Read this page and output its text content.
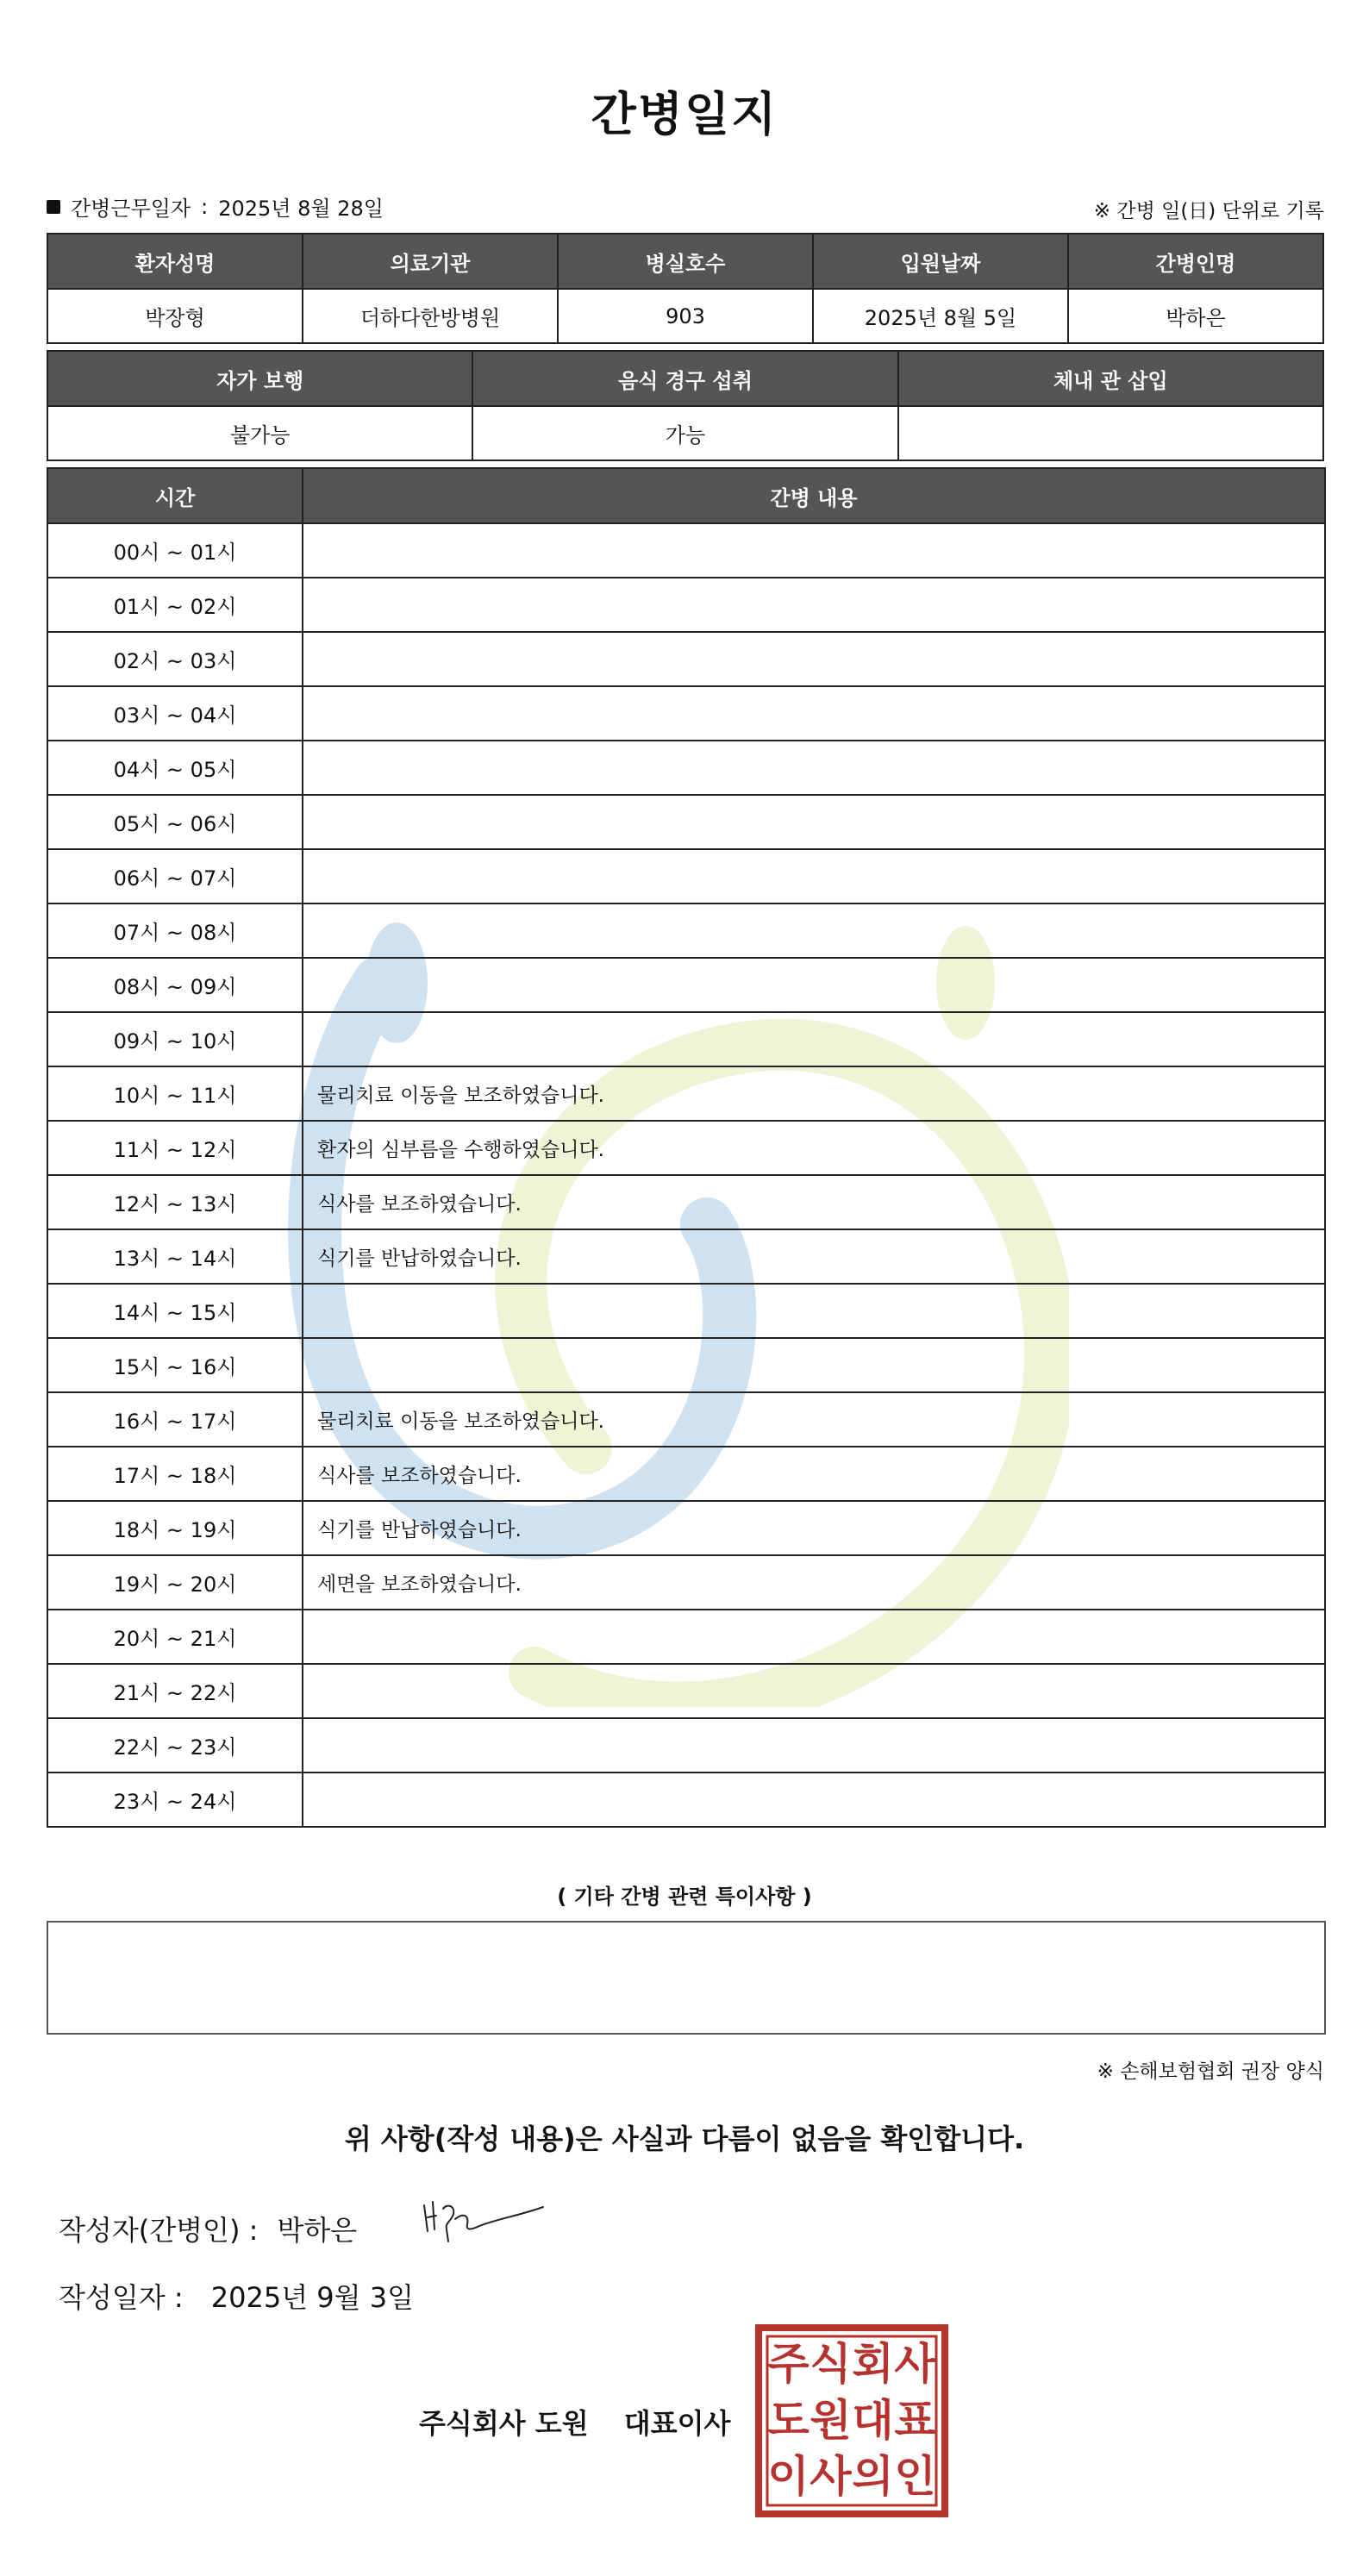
간병일지
간병근무일자 : 2025년 8월 28일	※ 간병 일(日) 단위로 기록
환자성명	의료기관	병실호수	입원날짜	간병인명
박장형	더하다한방병원	903	2025년 8월 5일	박하은
자가 보행	음식 경구 섭취	체내 관 삽입
불가능	가능	
시간	간병 내용
00시 ~ 01시	
01시 ~ 02시	
02시 ~ 03시	
03시 ~ 04시	
04시 ~ 05시	
05시 ~ 06시	
06시 ~ 07시	
07시 ~ 08시	
08시 ~ 09시	
09시 ~ 10시	
10시 ~ 11시	물리치료 이동을 보조하였습니다.
11시 ~ 12시	환자의 심부름을 수행하였습니다.
12시 ~ 13시	식사를 보조하였습니다.
13시 ~ 14시	식기를 반납하였습니다.
14시 ~ 15시	
15시 ~ 16시	
16시 ~ 17시	물리치료 이동을 보조하였습니다.
17시 ~ 18시	식사를 보조하였습니다.
18시 ~ 19시	식기를 반납하였습니다.
19시 ~ 20시	세면을 보조하였습니다.
20시 ~ 21시	
21시 ~ 22시	
22시 ~ 23시	
23시 ~ 24시	
( 기타 간병 관련 특이사항 )
※ 손해보험협회 권장 양식
위 사항(작성 내용)은 사실과 다름이 없음을 확인합니다.
작성자(간병인) : 박하은
작성일자 : 2025년 9월 3일
주식회사 도원 대표이사
주 식 회 사
도 원 대 표
이 사 의 인
